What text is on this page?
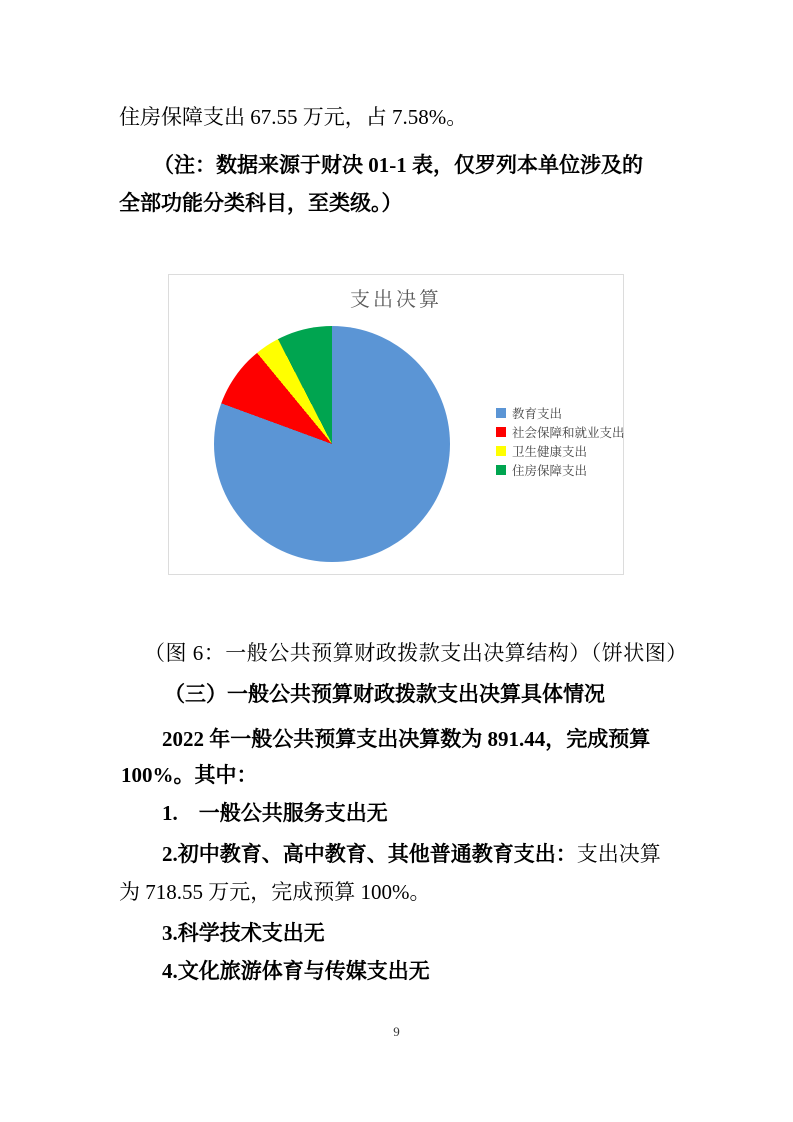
住房保障支出 67.55 万元，占 7.58%。
（注：数据来源于财决 01-1 表，仅罗列本单位涉及的
全部功能分类科目，至类级。）
支出决算
教育支出
社会保障和就业支出
卫生健康支出
住房保障支出
（图 6：一般公共预算财政拨款支出决算结构）（饼状图）
（三）一般公共预算财政拨款支出决算具体情况
2022 年一般公共预算支出决算数为 891.44，完成预算
100%。其中：
1.    一般公共服务支出无
2.初中教育、高中教育、其他普通教育支出：支出决算
为 718.55 万元，完成预算 100%。
3.科学技术支出无
4.文化旅游体育与传媒支出无
9
